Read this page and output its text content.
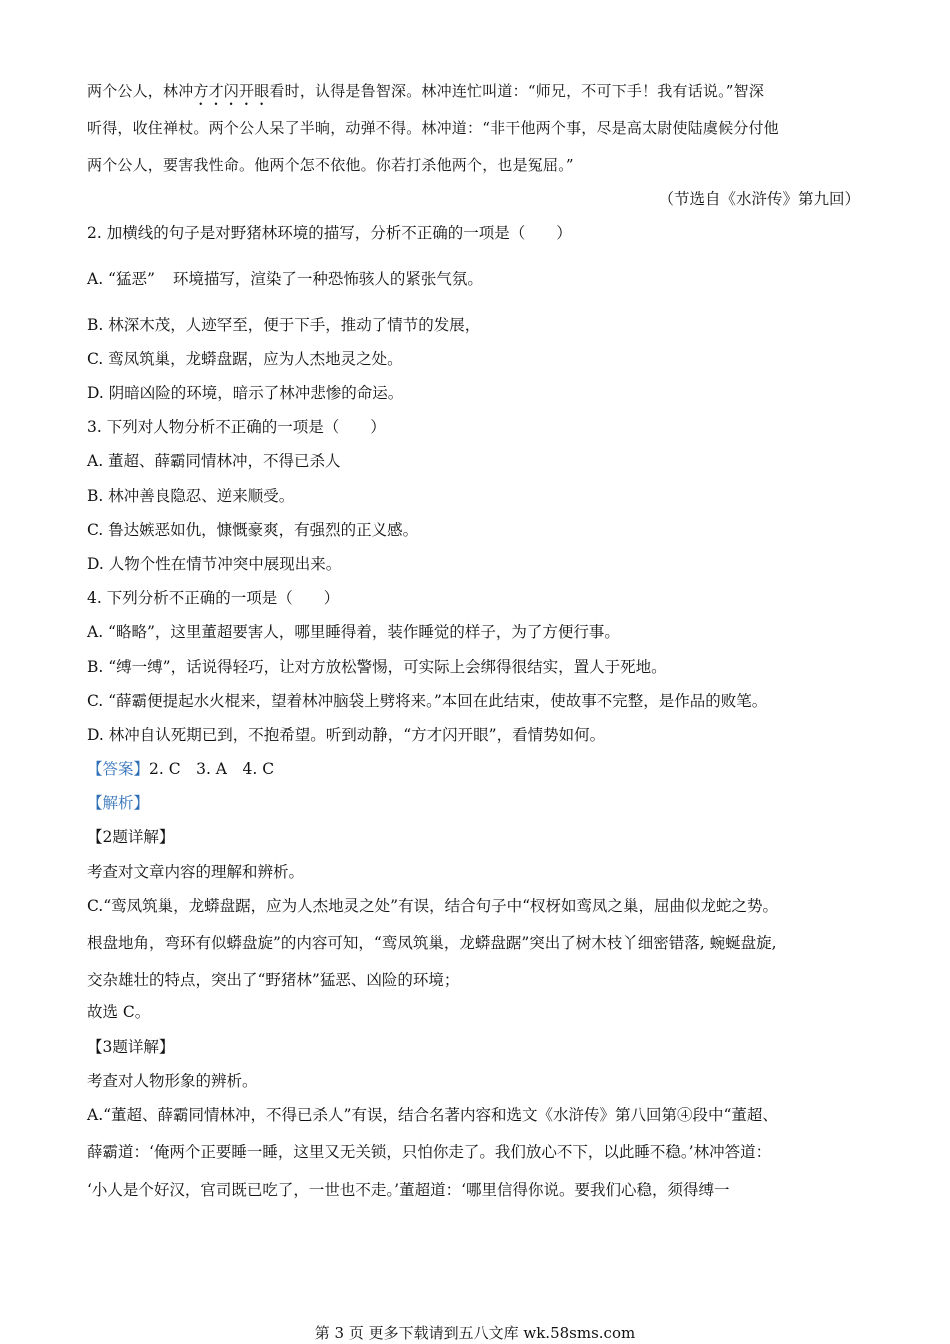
两个公人，林冲方才闪开眼看时，认得是鲁智深。林冲连忙叫道：“师兄，不可下手！我有话说。”智深
听得，收住禅杖。两个公人呆了半晌，动弹不得。林冲道：“非干他两个事，尽是高太尉使陆虞候分付他
两个公人，要害我性命。他两个怎不依他。你若打杀他两个，也是冤屈。”
（节选自《水浒传》第九回）
2. 加横线的句子是对野猪林环境的描写，分析不正确的一项是（　　）
A. “猛恶” 环境描写，渲染了一种恐怖骇人的紧张气氛。
B. 林深木茂，人迹罕至，便于下手，推动了情节的发展，
C. 鸾凤筑巢，龙蟒盘踞，应为人杰地灵之处。
D. 阴暗凶险的环境，暗示了林冲悲惨的命运。
3. 下列对人物分析不正确的一项是（　　）
A. 董超、薛霸同情林冲，不得已杀人
B. 林冲善良隐忍、逆来顺受。
C. 鲁达嫉恶如仇，慷慨豪爽，有强烈的正义感。
D. 人物个性在情节冲突中展现出来。
4. 下列分析不正确的一项是（　　）
A. “略略”，这里董超要害人，哪里睡得着，装作睡觉的样子，为了方便行事。
B. “缚一缚”，话说得轻巧，让对方放松警惕，可实际上会绑得很结实，置人于死地。
C. “薛霸便提起水火棍来，望着林冲脑袋上劈将来。”本回在此结束，使故事不完整，是作品的败笔。
D. 林冲自认死期已到，不抱希望。听到动静，“方才闪开眼”，看情势如何。
【答案】2. C　3. A　4. C
【解析】
【2题详解】
考查对文章内容的理解和辨析。
C.“鸾凤筑巢，龙蟒盘踞，应为人杰地灵之处”有误，结合句子中“杈枒如鸾凤之巢，屈曲似龙蛇之势。
根盘地角，弯环有似蟒盘旋”的内容可知，“鸾凤筑巢，龙蟒盘踞”突出了树木枝丫细密错落, 蜿蜒盘旋,
交杂雄壮的特点，突出了“野猪林”猛恶、凶险的环境；
故选 C。
【3题详解】
考查对人物形象的辨析。
A.“董超、薛霸同情林冲，不得已杀人”有误，结合名著内容和选文《水浒传》第八回第④段中“董超、
薛霸道：‘俺两个正要睡一睡，这里又无关锁，只怕你走了。我们放心不下，以此睡不稳。’林冲答道：
‘小人是个好汉，官司既已吃了，一世也不走。’董超道：‘哪里信得你说。要我们心稳，须得缚一
第 3 页 更多下载请到五八文库 wk.58sms.com
